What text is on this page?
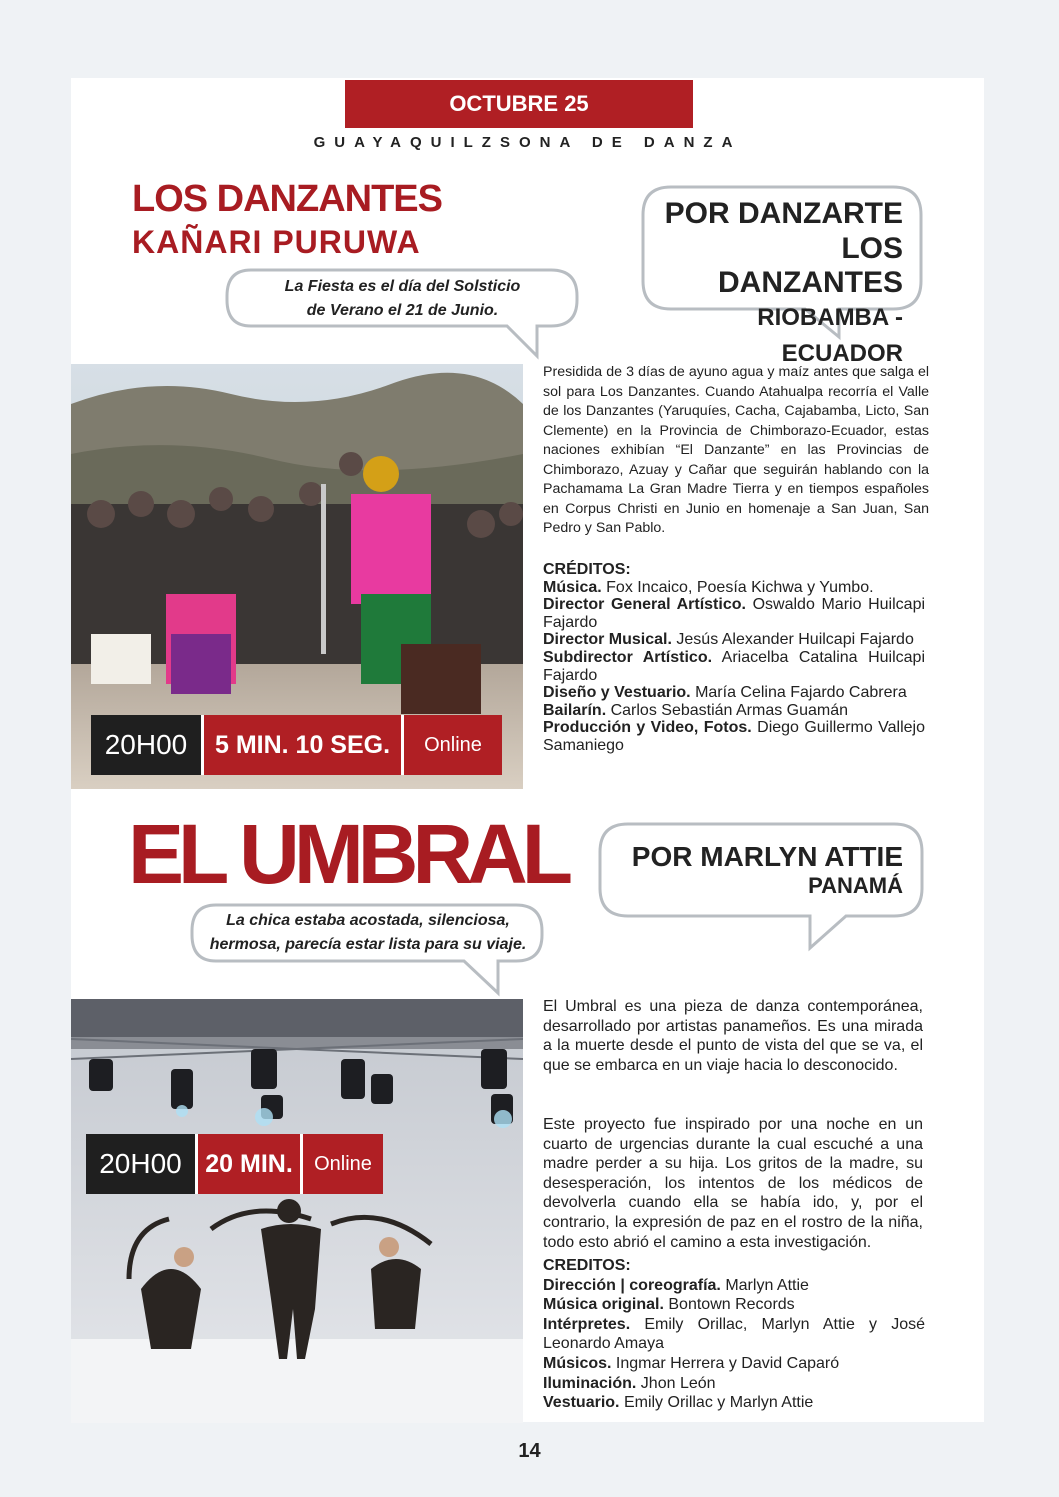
OCTUBRE 25
GUAYAQUILZSONA DE DANZA
LOS DANZANTES
KAÑARI PURUWA
La Fiesta es el día del Solsticio
de Verano el 21 de Junio.
POR DANZARTE
LOS DANZANTES
RIOBAMBA - ECUADOR
20H00	5 MIN. 10 SEG.	Online
Presidida de 3 días de ayuno agua y maíz antes que salga el sol para Los Danzantes. Cuando Atahualpa recorría el Valle de los Danzantes (Yaruquíes, Cacha, Cajabamba, Licto, San Clemente) en la Provincia de Chimborazo-Ecuador, estas naciones exhibían “El Danzante” en las Provincias de Chimborazo, Azuay y Cañar que seguirán hablando con la Pachamama La Gran Madre Tierra y en tiempos españoles en Corpus Christi en Junio en homenaje a San Juan, San Pedro y San Pablo.
CRÉDITOS:
Música. Fox Incaico, Poesía Kichwa y Yumbo.
Director General Artístico. Oswaldo Mario Huilcapi Fajardo
Director Musical. Jesús Alexander Huilcapi Fajardo
Subdirector Artístico. Ariacelba Catalina Huilcapi Fajardo
Diseño y Vestuario. María Celina Fajardo Cabrera
Bailarín. Carlos Sebastián Armas Guamán
Producción y Video, Fotos. Diego Guillermo Vallejo Samaniego
EL UMBRAL
La chica estaba acostada, silenciosa,
hermosa, parecía estar lista para su viaje.
POR MARLYN ATTIE
PANAMÁ
20H00 20 MIN.	Online
El Umbral es una pieza de danza contemporánea, desarrollado por artistas panameños. Es una mirada a la muerte desde el punto de vista del que se va, el que se embarca en un viaje hacia lo desconocido.
Este proyecto fue inspirado por una noche en un cuarto de urgencias durante la cual escuché a una madre perder a su hija. Los gritos de la madre, su desesperación, los intentos de los médicos de devolverla cuando ella se había ido, y, por el contrario, la expresión de paz en el rostro de la niña, todo esto abrió el camino a esta investigación.
CREDITOS:
Dirección | coreografía. Marlyn Attie
Música original. Bontown Records
Intérpretes. Emily Orillac, Marlyn Attie y José Leonardo Amaya
Músicos. Ingmar Herrera y David Caparó
Iluminación. Jhon León
Vestuario. Emily Orillac y Marlyn Attie
14
